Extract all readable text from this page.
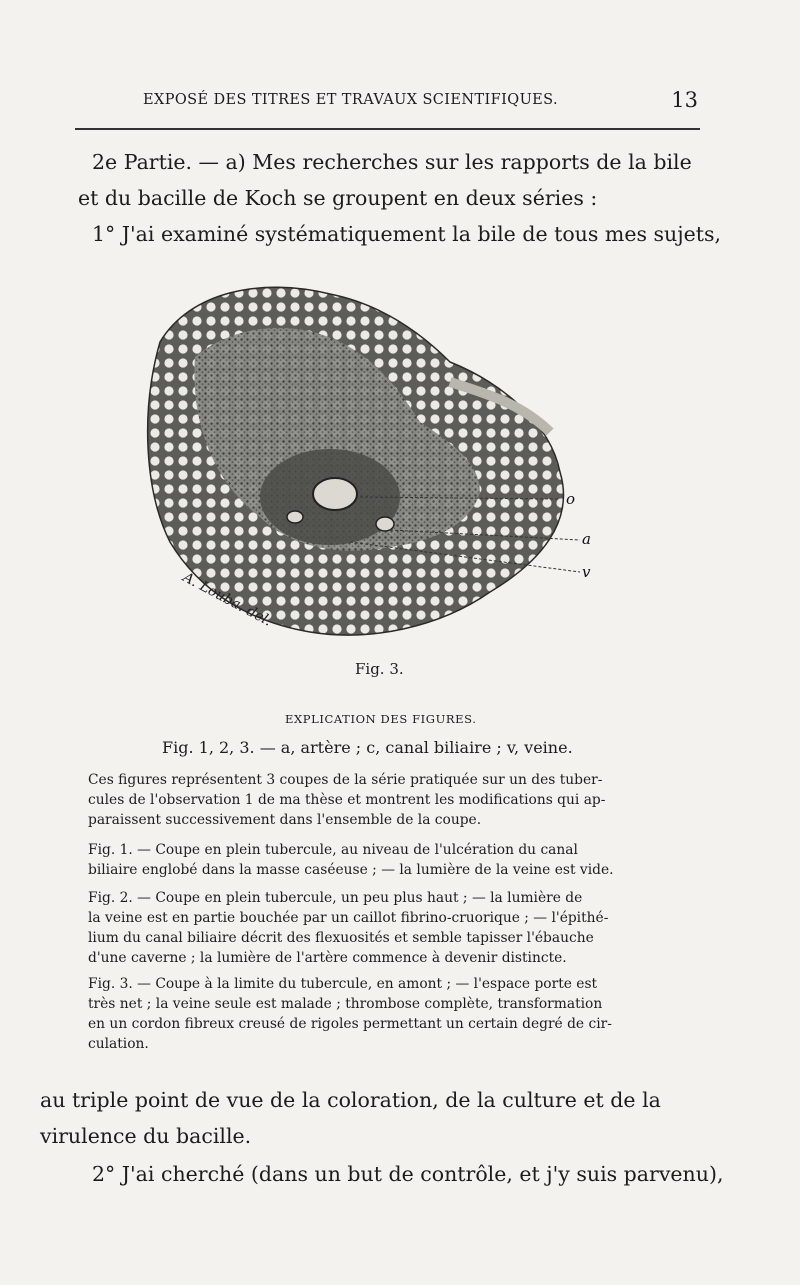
EXPOSÉ DES TITRES ET TRAVAUX SCIENTIFIQUES.	13
2e Partie. — a) Mes recherches sur les rapports de la bile
et du bacille de Koch se groupent en deux séries :
1° J'ai examiné systématiquement la bile de tous mes sujets,
o
a
v
A. Louba. del.
Fig. 3.
EXPLICATION DES FIGURES.
Fig. 1, 2, 3. — a, artère ; c, canal biliaire ; v, veine.
Ces figures représentent 3 coupes de la série pratiquée sur un des tuber-
cules de l'observation 1 de ma thèse et montrent les modifications qui ap-
paraissent successivement dans l'ensemble de la coupe.
Fig. 1. — Coupe en plein tubercule, au niveau de l'ulcération du canal
biliaire englobé dans la masse caséeuse ; — la lumière de la veine est vide.
Fig. 2. — Coupe en plein tubercule, un peu plus haut ; — la lumière de
la veine est en partie bouchée par un caillot fibrino-cruorique ; — l'épithé-
lium du canal biliaire décrit des flexuosités et semble tapisser l'ébauche
d'une caverne ; la lumière de l'artère commence à devenir distincte.
Fig. 3. — Coupe à la limite du tubercule, en amont ; — l'espace porte est
très net ; la veine seule est malade ; thrombose complète, transformation
en un cordon fibreux creusé de rigoles permettant un certain degré de cir-
culation.
au triple point de vue de la coloration, de la culture et de la
virulence du bacille.
2° J'ai cherché (dans un but de contrôle, et j'y suis parvenu),
